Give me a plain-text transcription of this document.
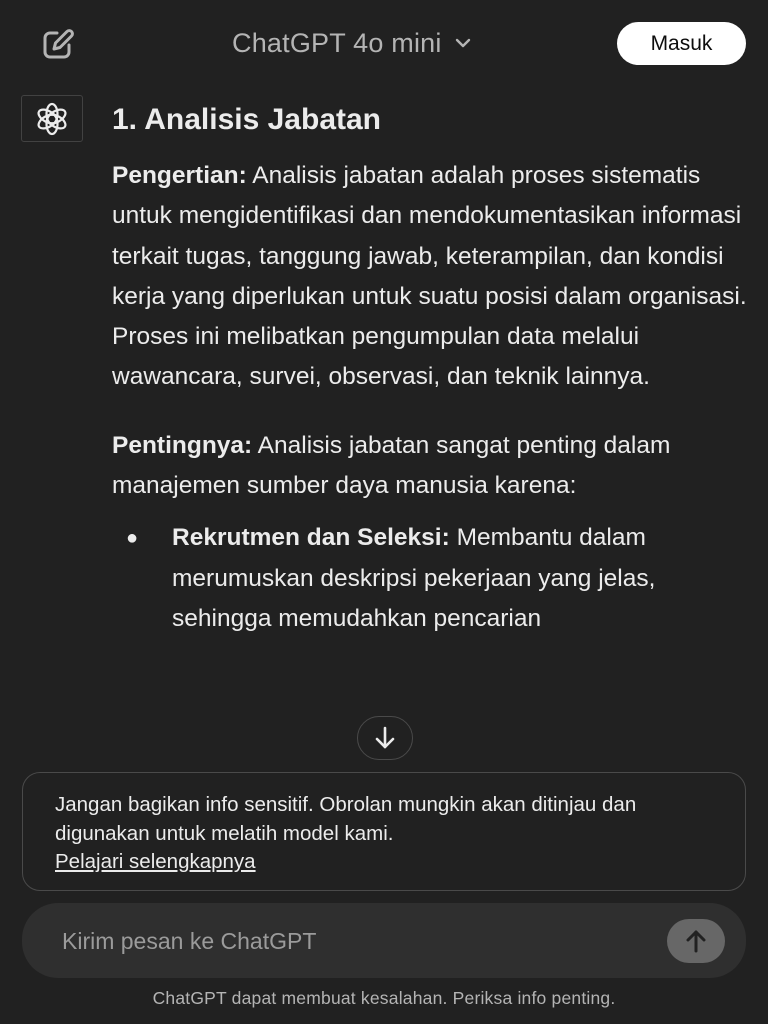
ChatGPT 4o mini	Masuk
1. Analisis Jabatan

Pengertian: Analisis jabatan adalah proses sistematis untuk mengidentifikasi dan mendokumentasikan informasi terkait tugas, tanggung jawab, keterampilan, dan kondisi kerja yang diperlukan untuk suatu posisi dalam organisasi. Proses ini melibatkan pengumpulan data melalui wawancara, survei, observasi, dan teknik lainnya.

Pentingnya: Analisis jabatan sangat penting dalam manajemen sumber daya manusia karena:

● Rekrutmen dan Seleksi: Membantu dalam merumuskan deskripsi pekerjaan yang jelas, sehingga memudahkan pencarian
Jangan bagikan info sensitif. Obrolan mungkin akan ditinjau dan digunakan untuk melatih model kami.
Pelajari selengkapnya
Kirim pesan ke ChatGPT
ChatGPT dapat membuat kesalahan. Periksa info penting.
